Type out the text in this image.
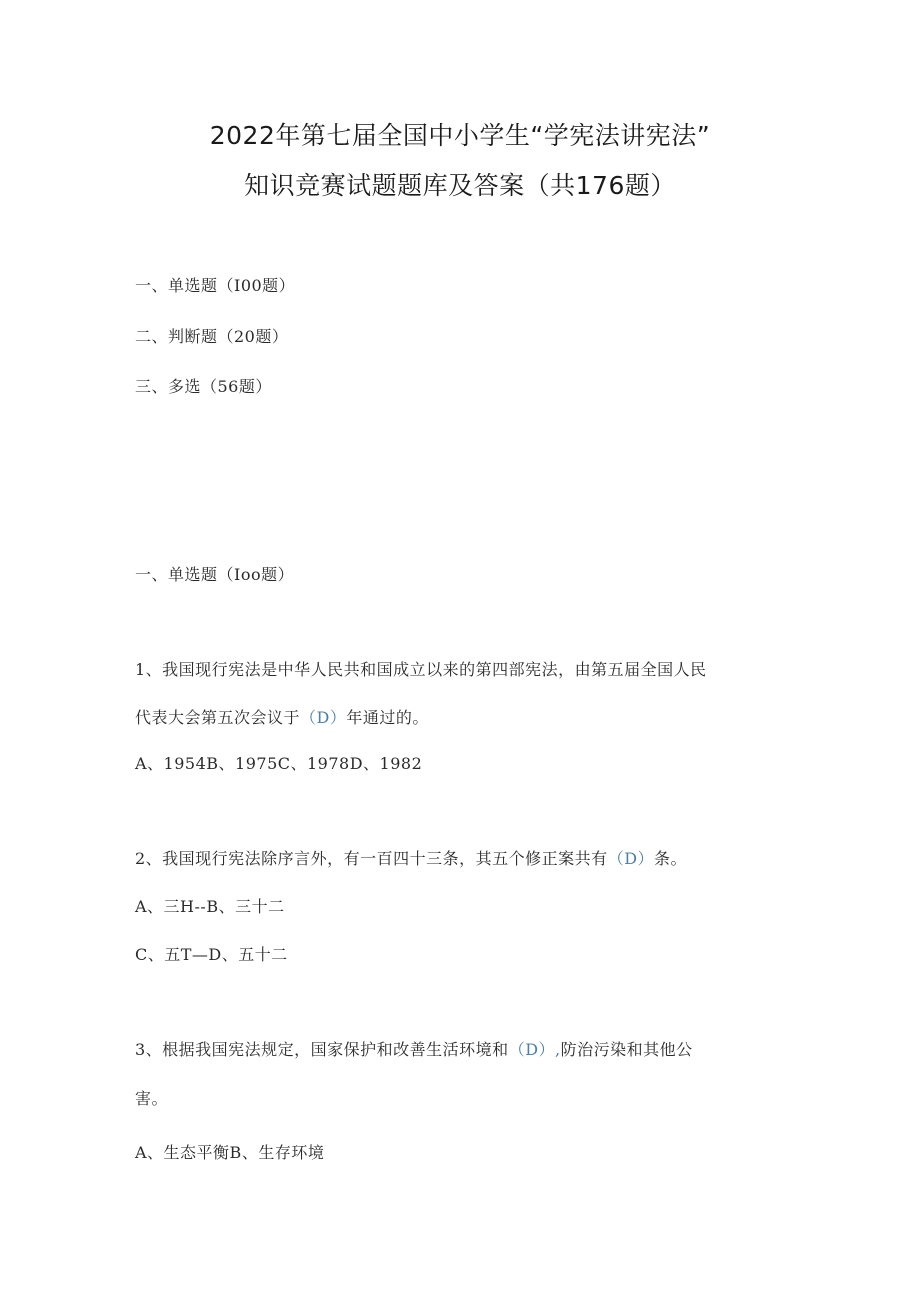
2022年第七届全国中小学生“学宪法讲宪法”
知识竞赛试题题库及答案（共176题）
一、单选题（I00题）
二、判断题（20题）
三、多选（56题）
一、单选题（Ioo题）
1、我国现行宪法是中华人民共和国成立以来的第四部宪法，由第五届全国人民
代表大会第五次会议于（D）年通过的。
A、1954B、1975C、1978D、1982
2、我国现行宪法除序言外，有一百四十三条，其五个修正案共有（D）条。
A、三H--B、三十二
C、五T—D、五十二
3、根据我国宪法规定，国家保护和改善生活环境和（D）,防治污染和其他公
害。
A、生态平衡B、生存环境
